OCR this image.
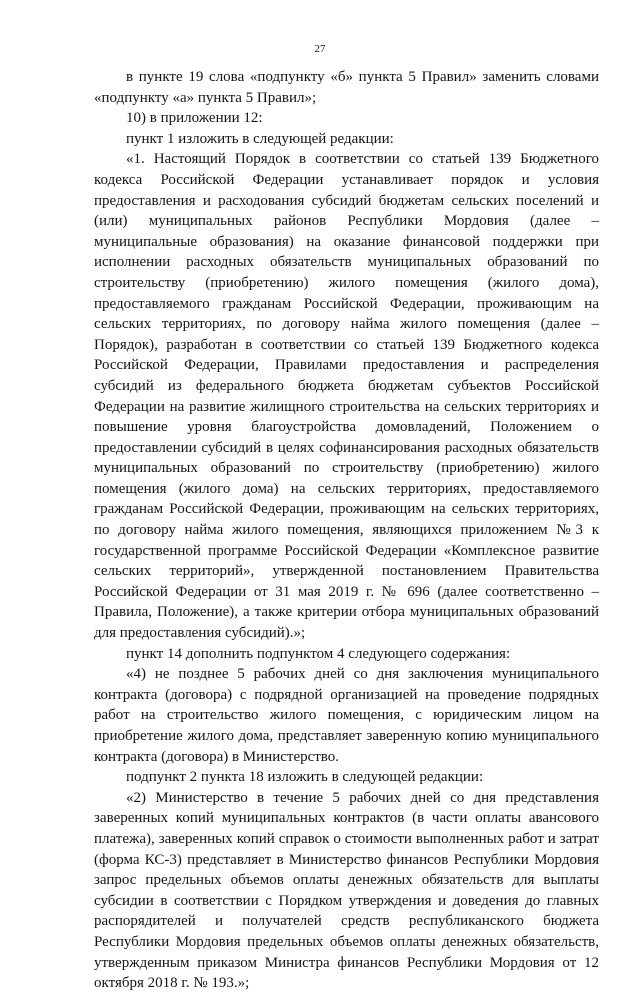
27

в пункте 19 слова «подпункту «б» пункта 5 Правил» заменить словами «подпункту «а» пункта 5 Правил»;

10) в приложении 12:

пункт 1 изложить в следующей редакции:

«1. Настоящий Порядок в соответствии со статьей 139 Бюджетного кодекса Российской Федерации устанавливает порядок и условия предоставления и расходования субсидий бюджетам сельских поселений и (или) муниципальных районов Республики Мордовия (далее – муниципальные образования) на оказание финансовой поддержки при исполнении расходных обязательств муниципальных образований по строительству (приобретению) жилого помещения (жилого дома), предоставляемого гражданам Российской Федерации, проживающим на сельских территориях, по договору найма жилого помещения (далее – Порядок), разработан в соответствии со статьей 139 Бюджетного кодекса Российской Федерации, Правилами предоставления и распределения субсидий из федерального бюджета бюджетам субъектов Российской Федерации на развитие жилищного строительства на сельских территориях и повышение уровня благоустройства домовладений, Положением о предоставлении субсидий в целях софинансирования расходных обязательств муниципальных образований по строительству (приобретению) жилого помещения (жилого дома) на сельских территориях, предоставляемого гражданам Российской Федерации, проживающим на сельских территориях, по договору найма жилого помещения, являющихся приложением №3 к государственной программе Российской Федерации «Комплексное развитие сельских территорий», утвержденной постановлением Правительства Российской Федерации от 31 мая 2019 г. № 696 (далее соответственно – Правила, Положение), а также критерии отбора муниципальных образований для предоставления субсидий).»;

пункт 14 дополнить подпунктом 4 следующего содержания:

«4) не позднее 5 рабочих дней со дня заключения муниципального контракта (договора) с подрядной организацией на проведение подрядных работ на строительство жилого помещения, с юридическим лицом на приобретение жилого дома, представляет заверенную копию муниципального контракта (договора) в Министерство.

подпункт 2 пункта 18 изложить в следующей редакции:

«2) Министерство в течение 5 рабочих дней со дня представления заверенных копий муниципальных контрактов (в части оплаты авансового платежа), заверенных копий справок о стоимости выполненных работ и затрат (форма КС-3) представляет в Министерство финансов Республики Мордовия запрос предельных объемов оплаты денежных обязательств для выплаты субсидии в соответствии с Порядком утверждения и доведения до главных распорядителей и получателей средств республиканского бюджета Республики Мордовия предельных объемов оплаты денежных обязательств, утвержденным приказом Министра финансов Республики Мордовия от 12 октября 2018 г. № 193.»;
